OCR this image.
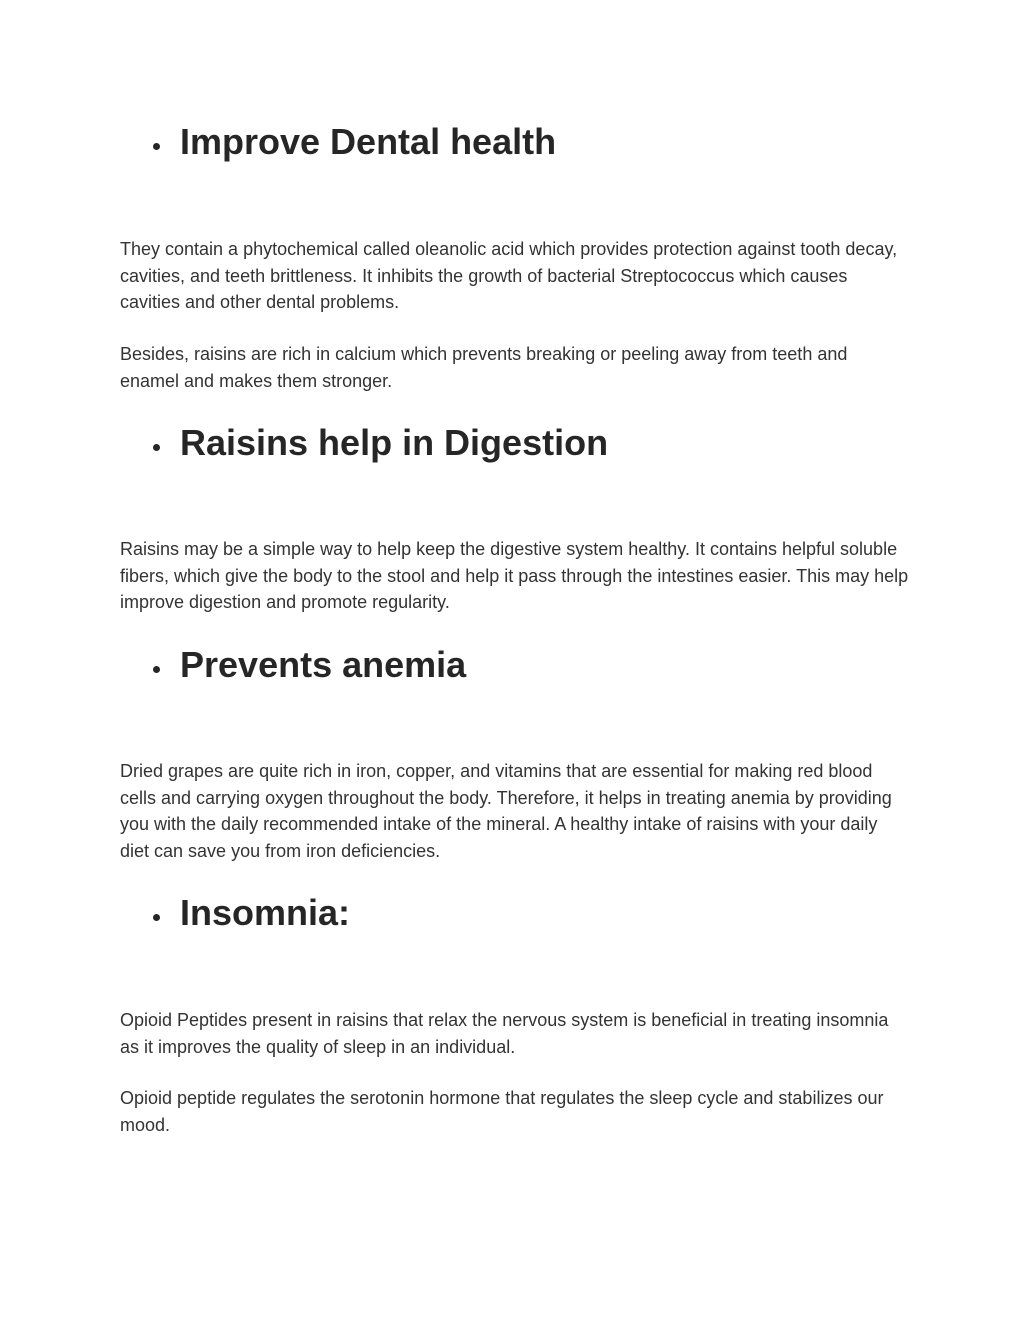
Improve Dental health

They contain a phytochemical called oleanolic acid which provides protection against tooth decay, cavities, and teeth brittleness. It inhibits the growth of bacterial Streptococcus which causes cavities and other dental problems.

Besides, raisins are rich in calcium which prevents breaking or peeling away from teeth and enamel and makes them stronger.

Raisins help in Digestion

Raisins may be a simple way to help keep the digestive system healthy. It contains helpful soluble fibers, which give the body to the stool and help it pass through the intestines easier. This may help improve digestion and promote regularity.

Prevents anemia

Dried grapes are quite rich in iron, copper, and vitamins that are essential for making red blood cells and carrying oxygen throughout the body. Therefore, it helps in treating anemia by providing you with the daily recommended intake of the mineral. A healthy intake of raisins with your daily diet can save you from iron deficiencies.

Insomnia:

Opioid Peptides present in raisins that relax the nervous system is beneficial in treating insomnia as it improves the quality of sleep in an individual.

Opioid peptide regulates the serotonin hormone that regulates the sleep cycle and stabilizes our mood.
